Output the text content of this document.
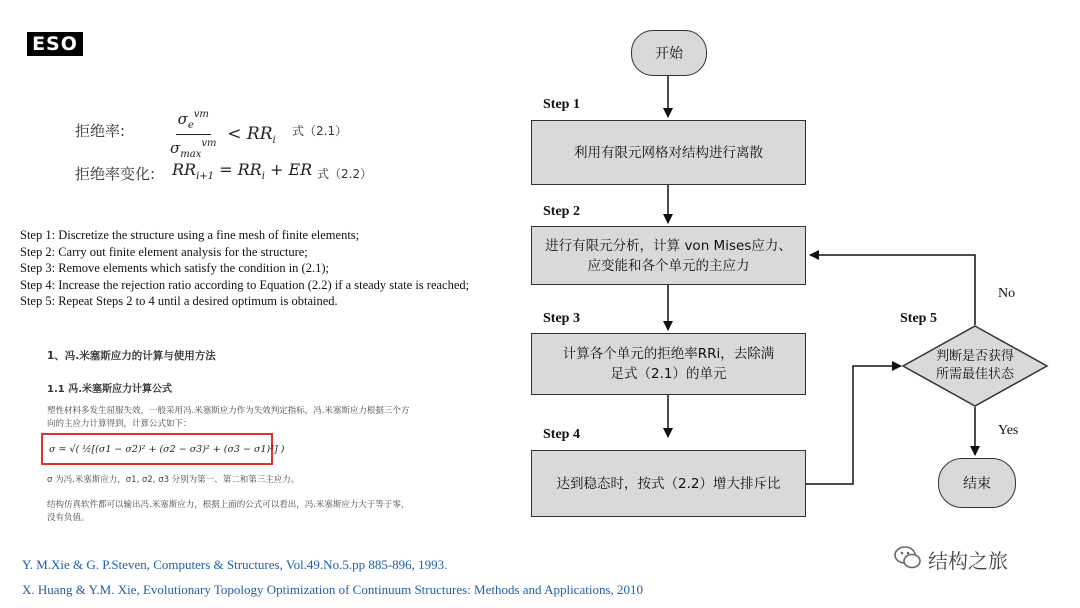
ESO
拒绝率:	$\frac{\sigma_e^{vm}}{\sigma_{max}^{vm}} < RR_i$
式（2.1）
拒绝率变化: $RR_{i+1} = RR_i$ + ER 式（2.2）
Step 1: Discretize the structure using a fine mesh of finite elements;
Step 2: Carry out finite element analysis for the structure;
Step 3: Remove elements which satisfy the condition in (2.1);
Step 4: Increase the rejection ratio according to Equation (2.2) if a steady state is reached;
Step 5: Repeat Steps 2 to 4 until a desired optimum is obtained.
1、冯.米塞斯应力的计算与使用方法
1.1 冯.米塞斯应力计算公式
塑性材料多发生屈服失效，一般采用冯.米塞斯应力作为失效判定指标，冯.米塞斯应力根据三个方
向的主应力计算得到，计算公式如下：
σ = √( ½[(σ1 − σ2)² + (σ2 − σ3)² + (σ3 − σ1)²] )
σ 为冯.米塞斯应力，σ1, σ2, σ3 分别为第一、第二和第三主应力。
结构仿真软件都可以输出冯.米塞斯应力，根据上面的公式可以看出，冯.米塞斯应力大于等于零，
没有负值。
Y. M.Xie & G. P.Steven, Computers & Structures, Vol.49.No.5.pp 885-896, 1993.
X. Huang & Y.M. Xie, Evolutionary Topology Optimization of Continuum Structures: Methods and Applications, 2010
开始
Step 1
利用有限元网格对结构进行离散
Step 2
进行有限元分析，计算 von Mises应力、
应变能和各个单元的主应力
Step 3
计算各个单元的拒绝率RRi，去除满
足式（2.1）的单元
Step 4
达到稳态时，按式（2.2）增大排斥比
Step 5
判断是否获得
所需最佳状态
No
Yes
结束
结构之旅
